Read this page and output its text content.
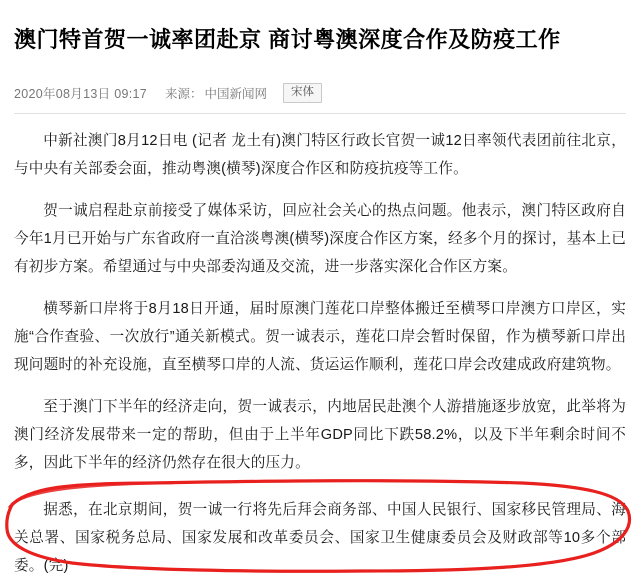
澳门特首贺一诚率团赴京 商讨粤澳深度合作及防疫工作
2020年08月13日 09:17 来源： 中国新闻网	宋体

中新社澳门8月12日电 (记者 龙土有)澳门特区行政长官贺一诚12日率领代表团前往北京，与中央有关部委会面，推动粤澳(横琴)深度合作区和防疫抗疫等工作。

贺一诚启程赴京前接受了媒体采访，回应社会关心的热点问题。他表示，澳门特区政府自今年1月已开始与广东省政府一直洽淡粤澳(横琴)深度合作区方案，经多个月的探讨，基本上已有初步方案。希望通过与中央部委沟通及交流，进一步落实深化合作区方案。

横琴新口岸将于8月18日开通，届时原澳门莲花口岸整体搬迁至横琴口岸澳方口岸区，实施“合作查验、一次放行”通关新模式。贺一诚表示，莲花口岸会暂时保留，作为横琴新口岸出现问题时的补充设施，直至横琴口岸的人流、货运运作顺利，莲花口岸会改建成政府建筑物。

至于澳门下半年的经济走向，贺一诚表示，内地居民赴澳个人游措施逐步放宽，此举将为澳门经济发展带来一定的帮助，但由于上半年GDP同比下跌58.2%，以及下半年剩余时间不多，因此下半年的经济仍然存在很大的压力。

据悉，在北京期间，贺一诚一行将先后拜会商务部、中国人民银行、国家移民管理局、海关总署、国家税务总局、国家发展和改革委员会、国家卫生健康委员会及财政部等10多个部委。(完)
